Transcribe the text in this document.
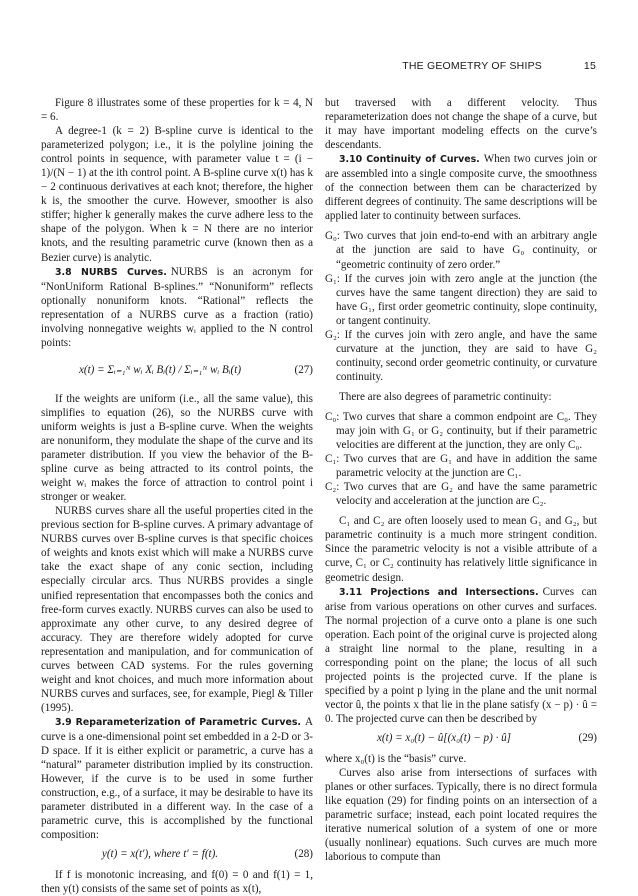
THE GEOMETRY OF SHIPS	15

Figure 8 illustrates some of these properties for k = 4, N = 6.

A degree-1 (k = 2) B-spline curve is identical to the parameterized polygon; i.e., it is the polyline joining the control points in sequence, with parameter value t = (i − 1)/(N − 1) at the ith control point. A B-spline curve x(t) has k − 2 continuous derivatives at each knot; therefore, the higher k is, the smoother the curve. However, smoother is also stiffer; higher k generally makes the curve adhere less to the shape of the polygon. When k = N there are no interior knots, and the resulting parametric curve (known then as a Bezier curve) is analytic.

3.8 NURBS Curves. NURBS is an acronym for “NonUniform Rational B-splines.” “Nonuniform” reflects optionally nonuniform knots. “Rational” reflects the representation of a NURBS curve as a fraction (ratio) involving nonnegative weights wᵢ applied to the N control points:

x(t) = Σᵢ₌₁ᴺ wᵢ Xᵢ Bᵢ(t) / Σᵢ₌₁ᴺ wᵢ Bᵢ(t)	(27)

If the weights are uniform (i.e., all the same value), this simplifies to equation (26), so the NURBS curve with uniform weights is just a B-spline curve. When the weights are nonuniform, they modulate the shape of the curve and its parameter distribution. If you view the behavior of the B-spline curve as being attracted to its control points, the weight wᵢ makes the force of attraction to control point i stronger or weaker.

NURBS curves share all the useful properties cited in the previous section for B-spline curves. A primary advantage of NURBS curves over B-spline curves is that specific choices of weights and knots exist which will make a NURBS curve take the exact shape of any conic section, including especially circular arcs. Thus NURBS provides a single unified representation that encompasses both the conics and free-form curves exactly. NURBS curves can also be used to approximate any other curve, to any desired degree of accuracy. They are therefore widely adopted for curve representation and manipulation, and for communication of curves between CAD systems. For the rules governing weight and knot choices, and much more information about NURBS curves and surfaces, see, for example, Piegl & Tiller (1995).

3.9 Reparameterization of Parametric Curves. A curve is a one-dimensional point set embedded in a 2-D or 3-D space. If it is either explicit or parametric, a curve has a “natural” parameter distribution implied by its construction. However, if the curve is to be used in some further construction, e.g., of a surface, it may be desirable to have its parameter distributed in a different way. In the case of a parametric curve, this is accomplished by the functional composition:

y(t) = x(t′), where t′ = f(t).	(28)

If f is monotonic increasing, and f(0) = 0 and f(1) = 1, then y(t) consists of the same set of points as x(t),

but traversed with a different velocity. Thus reparameterization does not change the shape of a curve, but it may have important modeling effects on the curve’s descendants.

3.10 Continuity of Curves. When two curves join or are assembled into a single composite curve, the smoothness of the connection between them can be characterized by different degrees of continuity. The same descriptions will be applied later to continuity between surfaces.

G₀: Two curves that join end-to-end with an arbitrary angle at the junction are said to have G₀ continuity, or “geometric continuity of zero order.”

G₁: If the curves join with zero angle at the junction (the curves have the same tangent direction) they are said to have G₁, first order geometric continuity, slope continuity, or tangent continuity.

G₂: If the curves join with zero angle, and have the same curvature at the junction, they are said to have G₂ continuity, second order geometric continuity, or curvature continuity.

There are also degrees of parametric continuity:

C₀: Two curves that share a common endpoint are C₀. They may join with G₁ or G₂ continuity, but if their parametric velocities are different at the junction, they are only C₀.

C₁: Two curves that are G₁ and have in addition the same parametric velocity at the junction are C₁.

C₂: Two curves that are G₂ and have the same parametric velocity and acceleration at the junction are C₂.

C₁ and C₂ are often loosely used to mean G₁ and G₂, but parametric continuity is a much more stringent condition. Since the parametric velocity is not a visible attribute of a curve, C₁ or C₂ continuity has relatively little significance in geometric design.

3.11 Projections and Intersections. Curves can arise from various operations on other curves and surfaces. The normal projection of a curve onto a plane is one such operation. Each point of the original curve is projected along a straight line normal to the plane, resulting in a corresponding point on the plane; the locus of all such projected points is the projected curve. If the plane is specified by a point p lying in the plane and the unit normal vector û, the points x that lie in the plane satisfy (x − p) · û = 0. The projected curve can then be described by

x(t) = x₀(t) − û[(x₀(t) − p) · û]	(29)

where x₀(t) is the “basis” curve.

Curves also arise from intersections of surfaces with planes or other surfaces. Typically, there is no direct formula like equation (29) for finding points on an intersection of a parametric surface; instead, each point located requires the iterative numerical solution of a system of one or more (usually nonlinear) equations. Such curves are much more laborious to compute than
